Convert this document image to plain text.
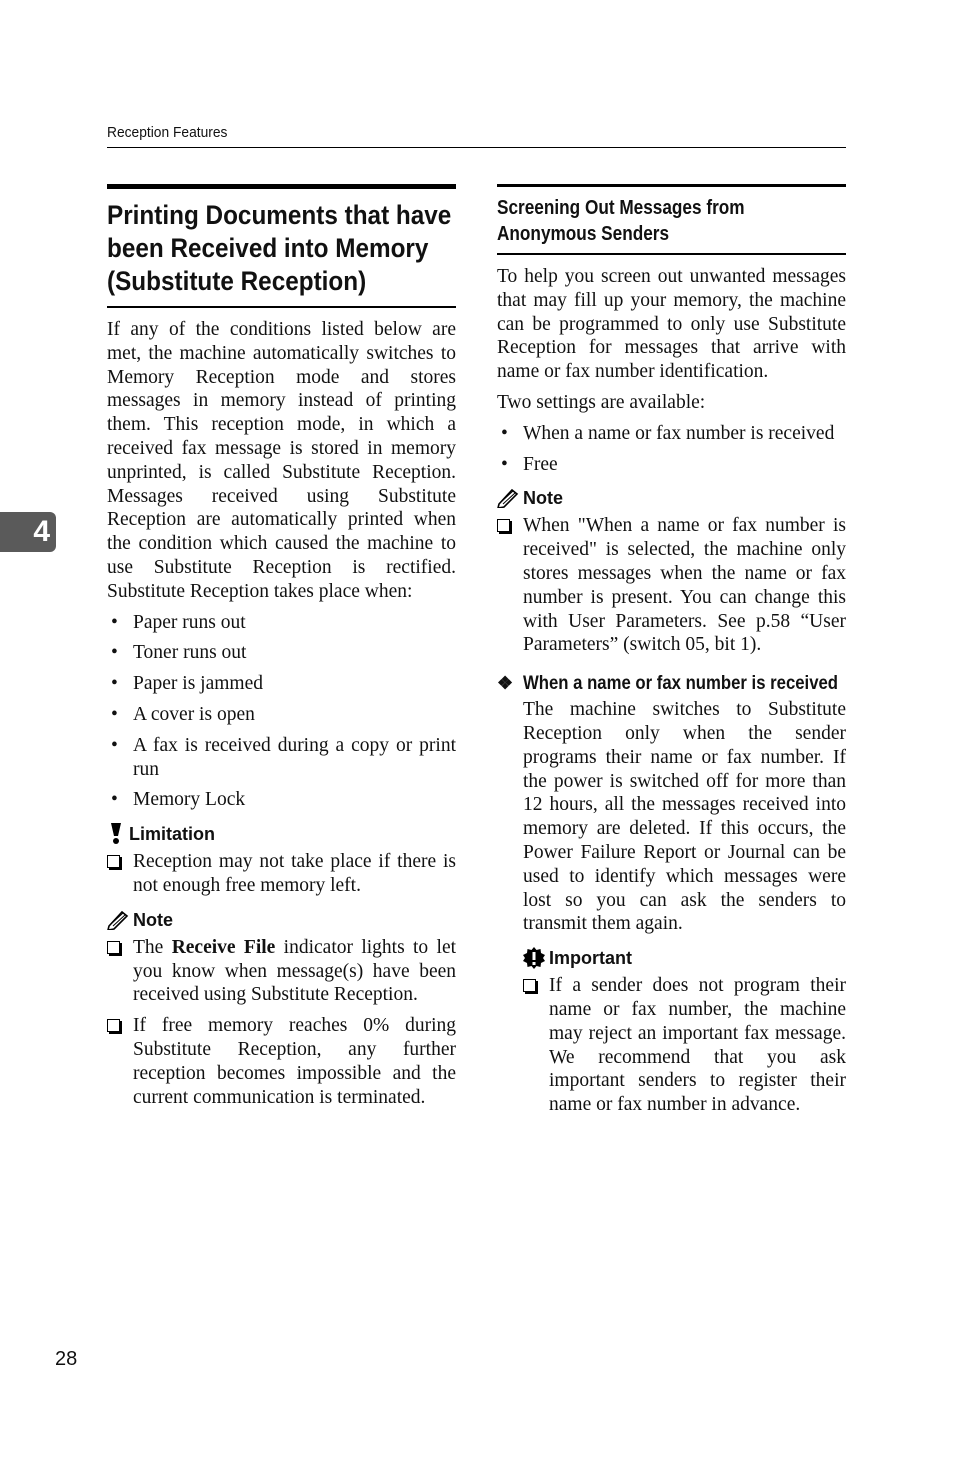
Reception Features
4
Printing Documents that have been Received into Memory (Substitute Reception)

If any of the conditions listed below are met, the machine automatically switches to Memory Reception mode and stores messages in memory instead of printing them. This reception mode, in which a received fax message is stored in memory unprinted, is called Substitute Reception. Messages received using Substitute Reception are automatically printed when the condition which caused the machine to use Substitute Reception is rectified. Substitute Reception takes place when:

• Paper runs out
• Toner runs out
• Paper is jammed
• A cover is open
• A fax is received during a copy or print run
• Memory Lock
Limitation
Reception may not take place if there is not enough free memory left.
Note
The Receive File indicator lights to let you know when message(s) have been received using Substitute Reception.
If free memory reaches 0% during Substitute Reception, any further reception becomes impossible and the current communication is terminated.
Screening Out Messages from Anonymous Senders

To help you screen out unwanted messages that may fill up your memory, the machine can be programmed to only use Substitute Reception for messages that arrive with name or fax number identification.

Two settings are available:

• When a name or fax number is received
• Free
Note
When "When a name or fax number is received" is selected, the machine only stores messages when the name or fax number is present. You can change this with User Parameters. See p.58 “User Parameters” (switch 05, bit 1).
❖ When a name or fax number is received

The machine switches to Substitute Reception only when the sender programs their name or fax number. If the power is switched off for more than 12 hours, all the messages received into memory are deleted. If this occurs, the Power Failure Report or Journal can be used to identify which messages were lost so you can ask the senders to transmit them again.

Important
If a sender does not program their name or fax number, the machine may reject an important fax message. We recommend that you ask important senders to register their name or fax number in advance.
28
